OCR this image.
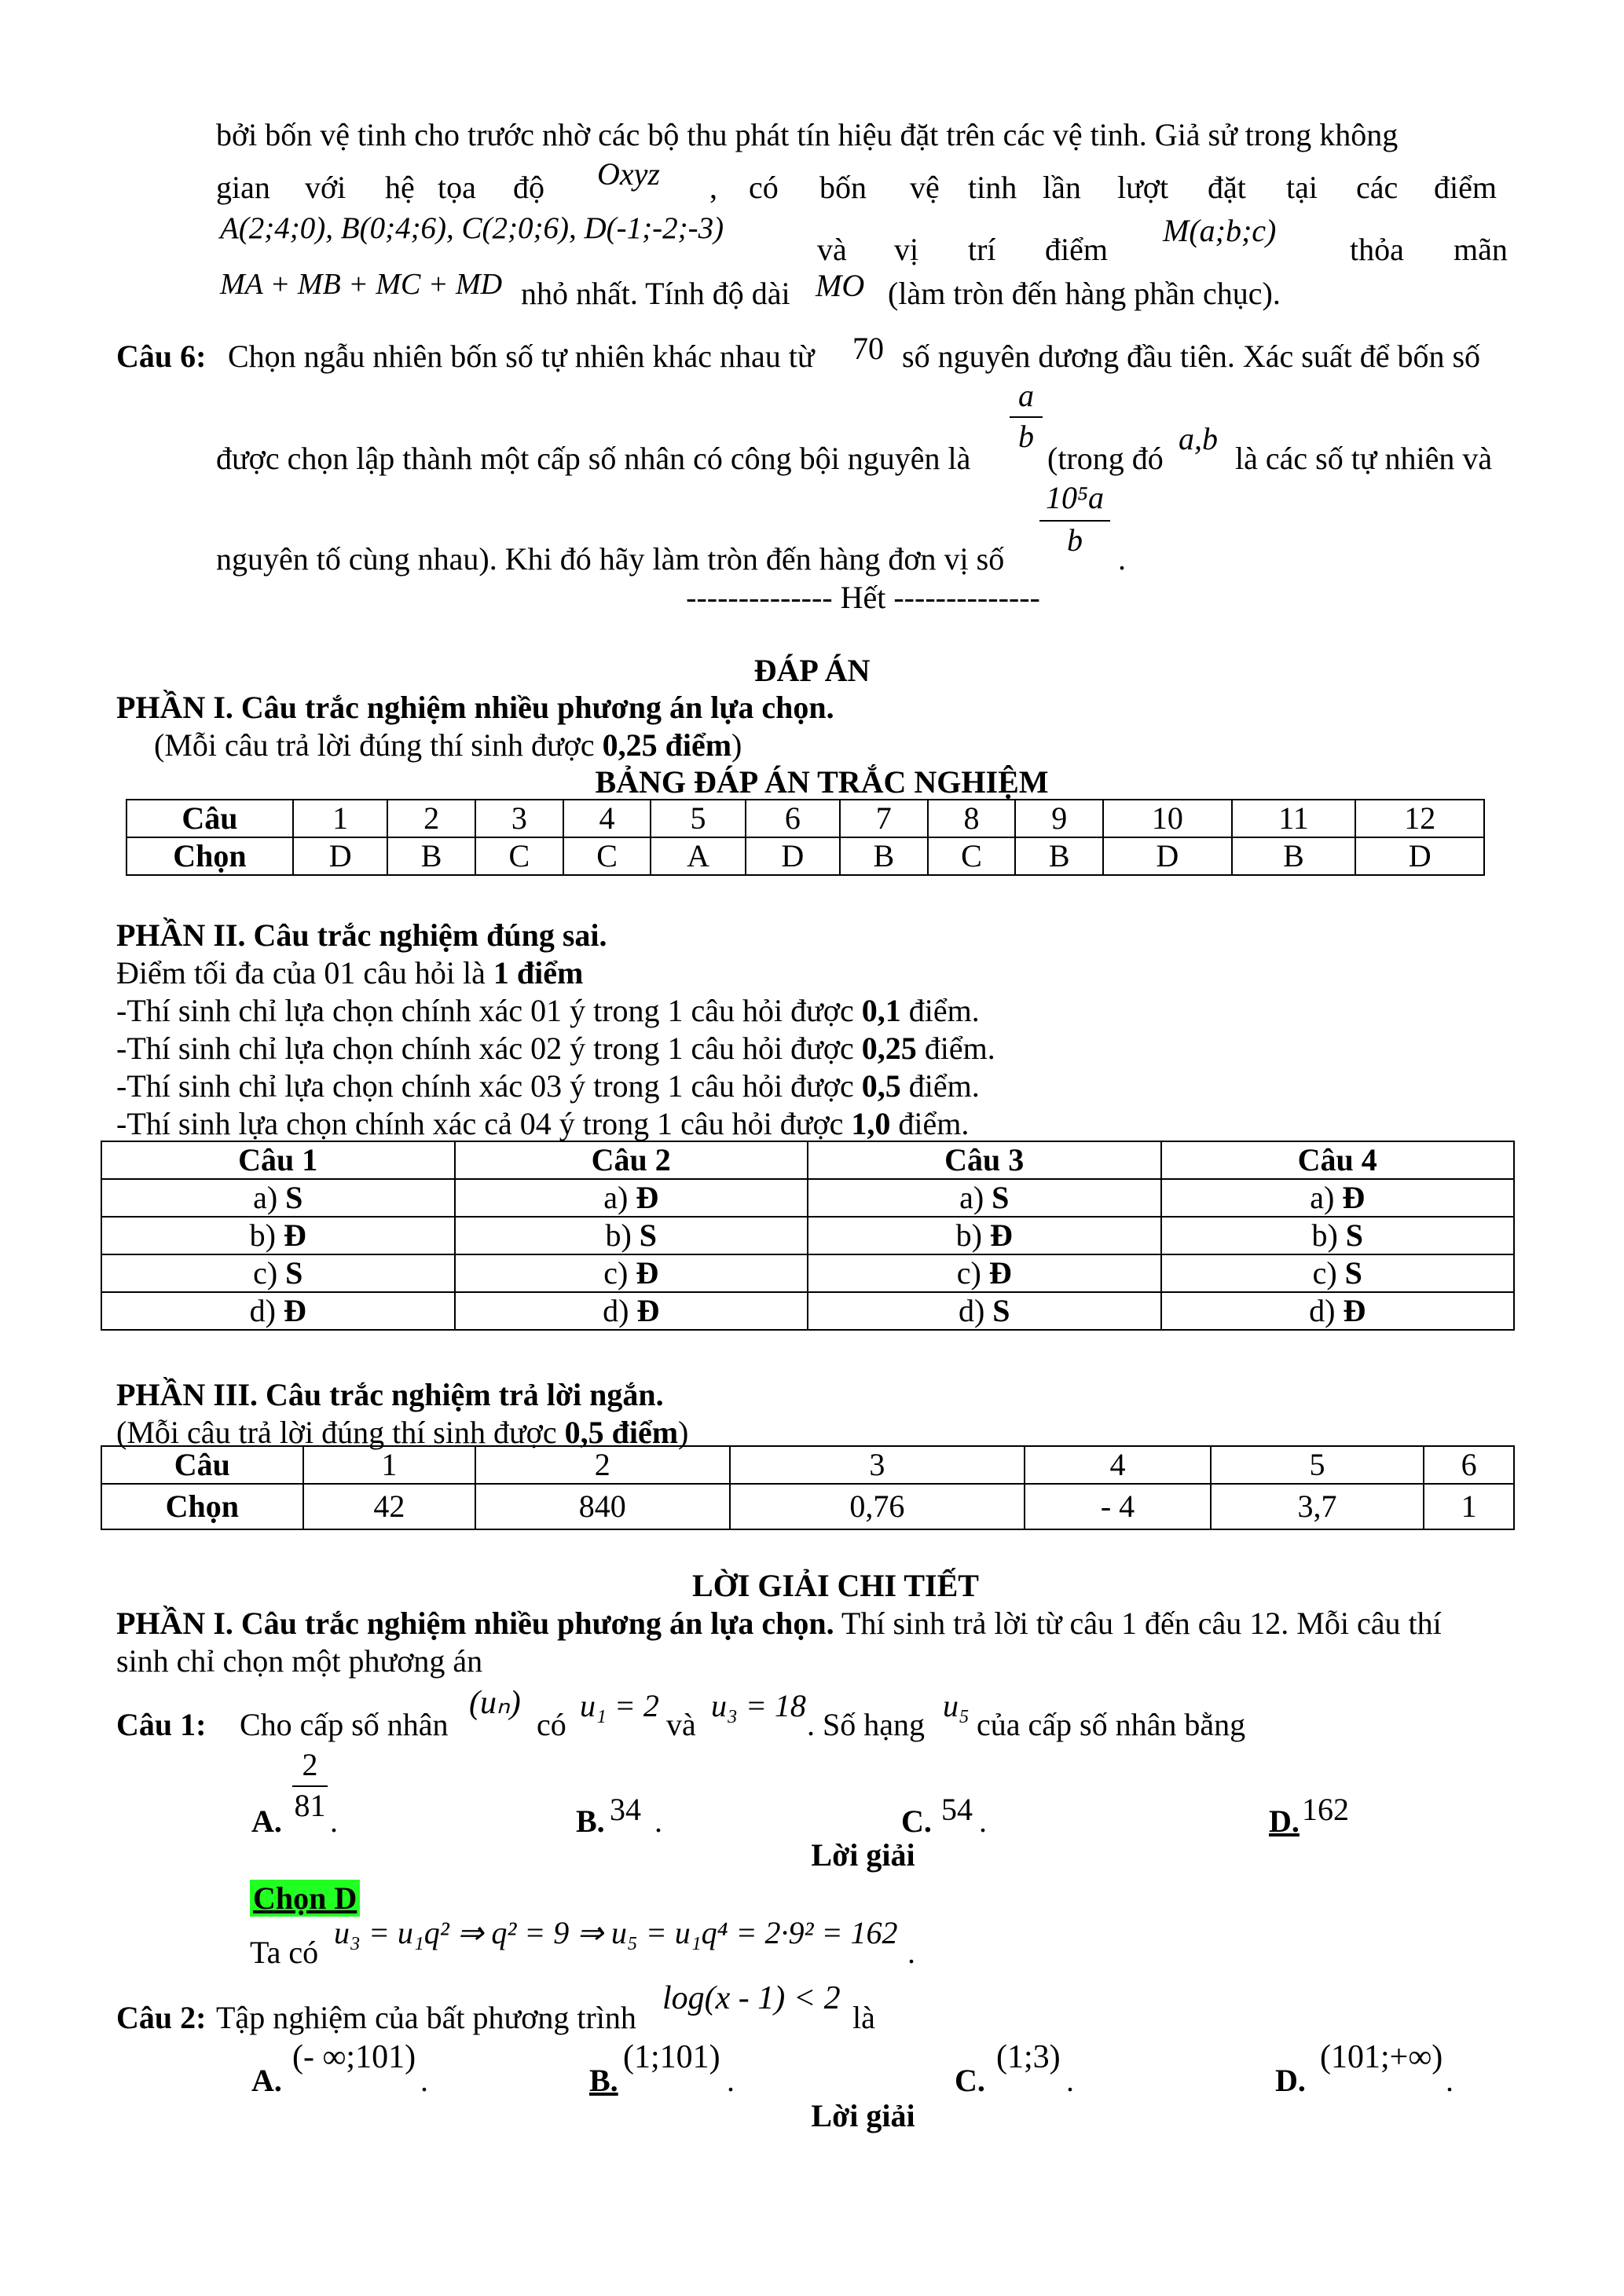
bởi bốn vệ tinh cho trước nhờ các bộ thu phát tín hiệu đặt trên các vệ tinh. Giả sử trong không
gian với hệ tọa độ Oxyz , có bốn vệ tinh lần lượt đặt tại các điểm
A(2;4;0), B(0;4;6), C(2;0;6), D(-1;-2;-3)
và vị trí điểm
M(a;b;c)
thỏa mãn
MA + MB + MC + MD nhỏ nhất. Tính độ dài MO (làm tròn đến hàng phần chục).
Câu 6: Chọn ngẫu nhiên bốn số tự nhiên khác nhau từ 70 số nguyên dương đầu tiên. Xác suất để bốn số
được chọn lập thành một cấp số nhân có công bội nguyên là
$\frac{a}{b}$
(trong đó
a,b
là các số tự nhiên và
nguyên tố cùng nhau). Khi đó hãy làm tròn đến hàng đơn vị số $\frac{\text{10⁵a}}{b}$ .
-------------- Hết --------------
ĐÁP ÁN
PHẦN I. Câu trắc nghiệm nhiều phương án lựa chọn.
(Mỗi câu trả lời đúng thí sinh được 0,25 điểm)
BẢNG ĐÁP ÁN TRẮC NGHIỆM
Câu	1	2	3	4	5	6	7	8	9	10	11	12
Chọn	D	B	C	C	A	D	B	C	B	D	B	D
PHẦN II. Câu trắc nghiệm đúng sai.
Điểm tối đa của 01 câu hỏi là 1 điểm
-Thí sinh chỉ lựa chọn chính xác 01 ý trong 1 câu hỏi được 0,1 điểm.
-Thí sinh chỉ lựa chọn chính xác 02 ý trong 1 câu hỏi được 0,25 điểm.
-Thí sinh chỉ lựa chọn chính xác 03 ý trong 1 câu hỏi được 0,5 điểm.
-Thí sinh lựa chọn chính xác cả 04 ý trong 1 câu hỏi được 1,0 điểm.
Câu 1	Câu 2	Câu 3	Câu 4
a) S	a) Đ	a) S	a) Đ
b) Đ	b) S	b) Đ	b) S
c) S	c) Đ	c) Đ	c) S
d) Đ	d) Đ	d) S	d) Đ
PHẦN III. Câu trắc nghiệm trả lời ngắn.
(Mỗi câu trả lời đúng thí sinh được 0,5 điểm)
Câu	1	2	3	4	5	6
Chọn	42	840	0,76	- 4	3,7	1
LỜI GIẢI CHI TIẾT
PHẦN I. Câu trắc nghiệm nhiều phương án lựa chọn. Thí sinh trả lời từ câu 1 đến câu 12. Mỗi câu thí
sinh chỉ chọn một phương án
Câu 1: Cho cấp số nhân
(uₙ)
có
u₁ = 2
và
u₃ = 18
. Số hạng
u₅
của cấp số nhân bằng
A. $\frac{2}{81}$ .	B. 34 .	C. 54 .	D. 162
Lời giải
Chọn D
Ta có
u₃ = u₁q² ⇒ q² = 9 ⇒ u₅ = u₁q⁴ = 2·9² = 162
.
Câu 2: Tập nghiệm của bất phương trình
log(x - 1) < 2
là
A.
(- ∞;101)
.	B.
(1;101)
.	C.
(1;3)
.	D.
(101;+∞)
.
Lời giải
